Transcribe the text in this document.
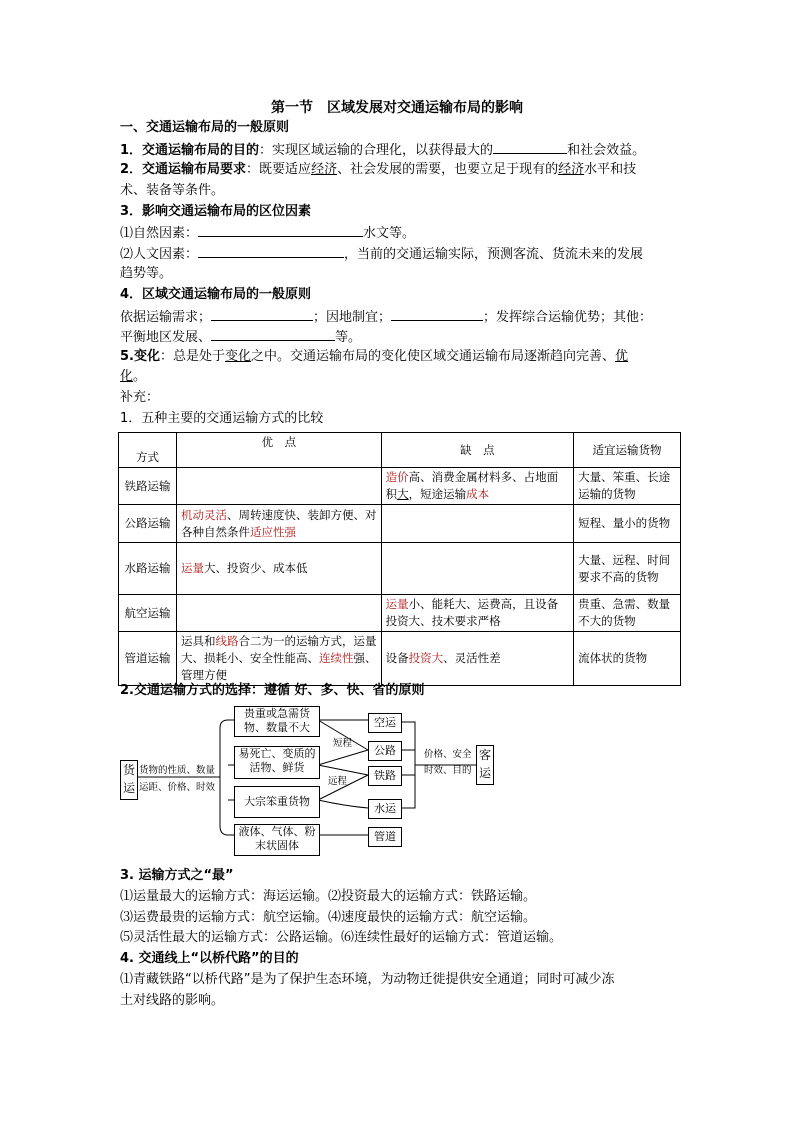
第一节　区域发展对交通运输布局的影响
一、交通运输布局的一般原则
1．交通运输布局的目的：实现区域运输的合理化，以获得最大的	和社会效益。
2．交通运输布局要求：既要适应经济、社会发展的需要，也要立足于现有的经济水平和技
术、装备等条件。
3．影响交通运输布局的区位因素
⑴自然因素：	水文等。
⑵人文因素：	，当前的交通运输实际，预测客流、货流未来的发展
趋势等。
4．区域交通运输布局的一般原则
依据运输需求；	；因地制宜；	；发挥综合运输优势；其他：
平衡地区发展、	等。
5.变化：总是处于变化之中。交通运输布局的变化使区域交通运输布局逐渐趋向完善、优
化。
补充：
1．五种主要的交通运输方式的比较
方式	优　点	缺　点	适宜运输货物
铁路运输		造价高、消费金属材料多、占地面积大，短途运输成本	大量、笨重、长途运输的货物
公路运输	机动灵活、周转速度快、装卸方便、对各种自然条件适应性强		短程、量小的货物
水路运输	运量大、投资少、成本低		大量、远程、时间要求不高的货物
航空运输		运量小、能耗大、运费高，且设备投资大、技术要求严格	贵重、急需、数量不大的货物
管道运输	运具和线路合二为一的运输方式，运量大、损耗小、安全性能高、连续性强、管理方便	设备投资大、灵活性差	流体状的货物
2.交通运输方式的选择：遵循 好、多、快、省的原则
货运
货物的性质、数量
运距、价格、时效
贵重或急需货物、数量不大
易死亡、变质的活物、鲜货
大宗笨重货物
液体、气体、粉末状固体
空运
公路
铁路
水运
管道
短程
远程
价格、安全
时效、目的
客运
3. 运输方式之“最”
⑴运量最大的运输方式：海运运输。⑵投资最大的运输方式：铁路运输。
⑶运费最贵的运输方式：航空运输。⑷速度最快的运输方式：航空运输。
⑸灵活性最大的运输方式：公路运输。⑹连续性最好的运输方式：管道运输。
4. 交通线上“以桥代路”的目的
⑴青藏铁路“以桥代路”是为了保护生态环境，为动物迁徙提供安全通道；同时可减少冻
土对线路的影响。
